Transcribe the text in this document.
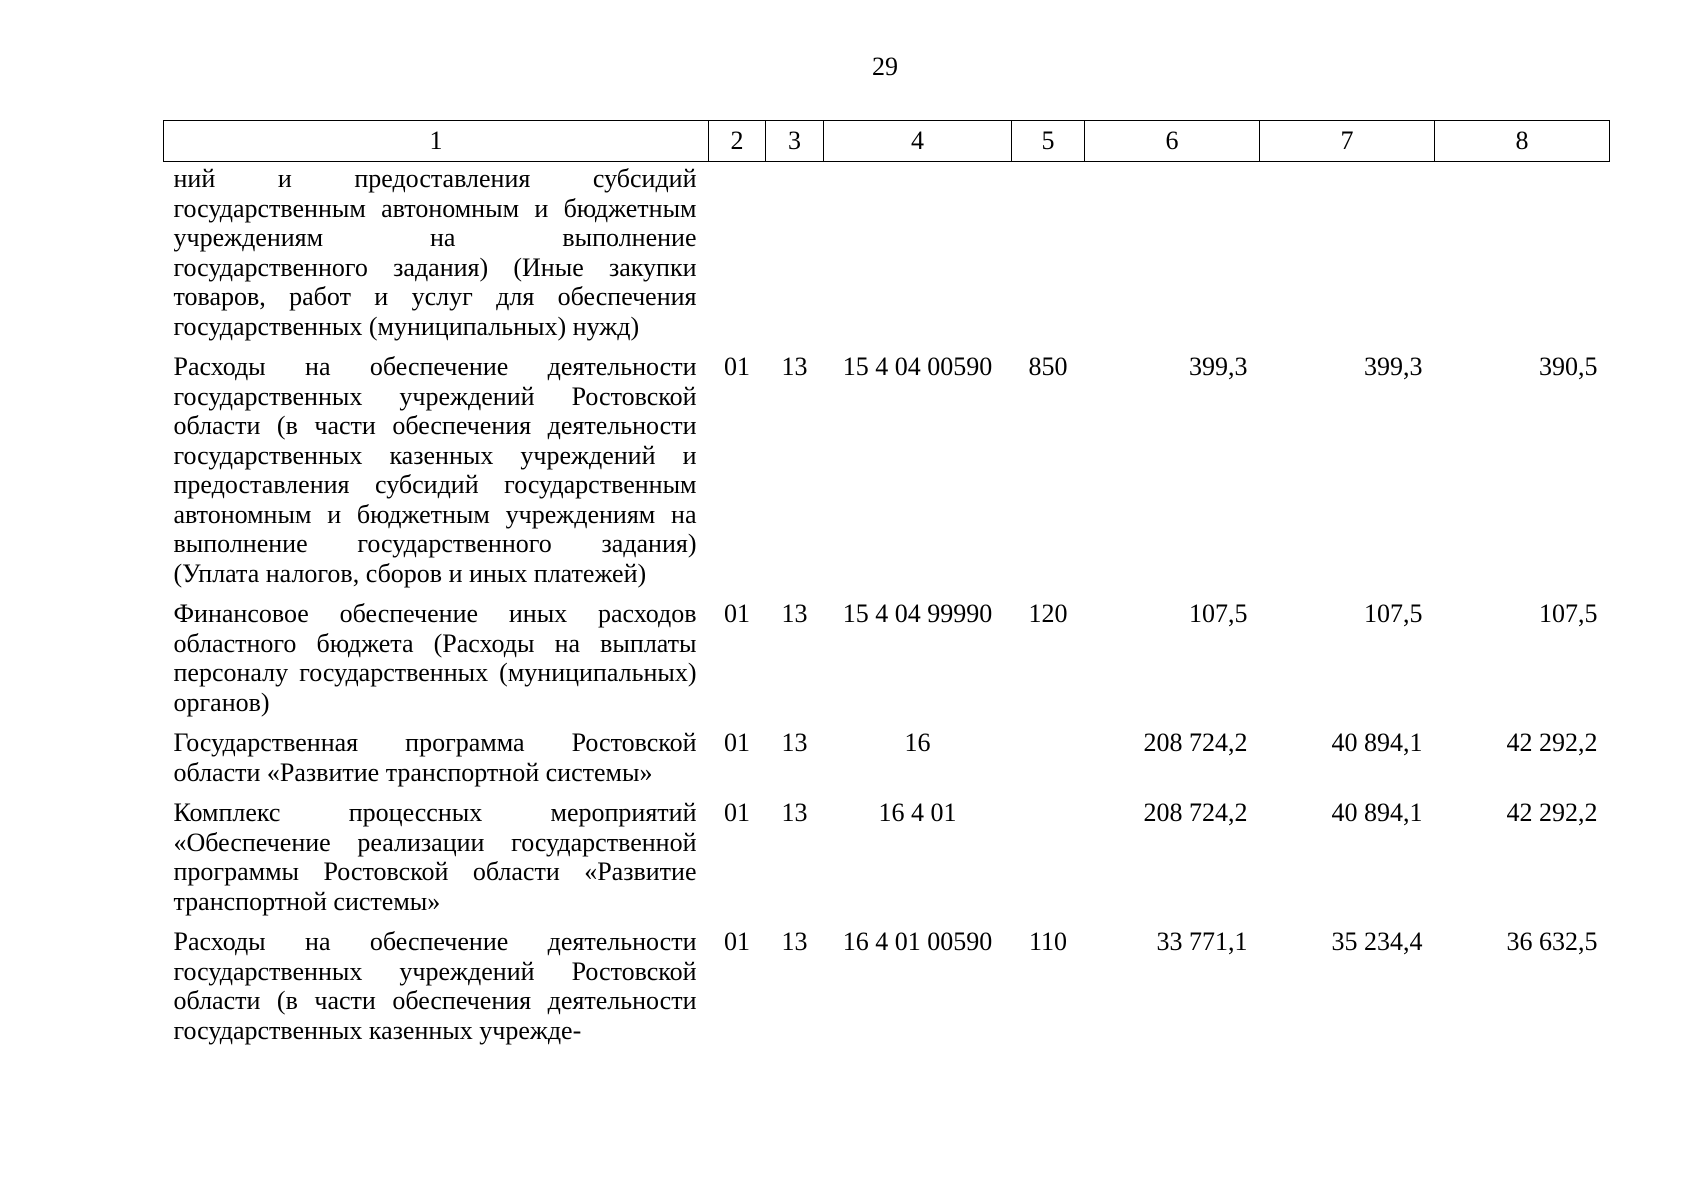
29
1	2	3	4	5	6	7	8
ний и предоставления субсидий государственным автономным и бюджетным учреждениям на выполнение государственного задания) (Иные закупки товаров, работ и услуг для обеспечения государственных (муниципальных) нужд)							
Расходы на обеспечение деятельности государственных учреждений Ростовской области (в части обеспечения деятельности государственных казенных учреждений и предоставления субсидий государственным автономным и бюджетным учреждениям на выполнение государственного задания) (Уплата налогов, сборов и иных платежей)	01	13	15 4 04 00590	850	399,3	399,3	390,5
Финансовое обеспечение иных расходов областного бюджета (Расходы на выплаты персоналу государственных (муниципальных) органов)	01	13	15 4 04 99990	120	107,5	107,5	107,5
Государственная программа Ростовской области «Развитие транспортной системы»	01	13	16		208 724,2	40 894,1	42 292,2
Комплекс процессных мероприятий «Обеспечение реализации государственной программы Ростовской области «Развитие транспортной системы»	01	13	16 4 01		208 724,2	40 894,1	42 292,2
Расходы на обеспечение деятельности государственных учреждений Ростовской области (в части обеспечения деятельности государственных казенных учрежде-	01	13	16 4 01 00590	110	33 771,1	35 234,4	36 632,5
